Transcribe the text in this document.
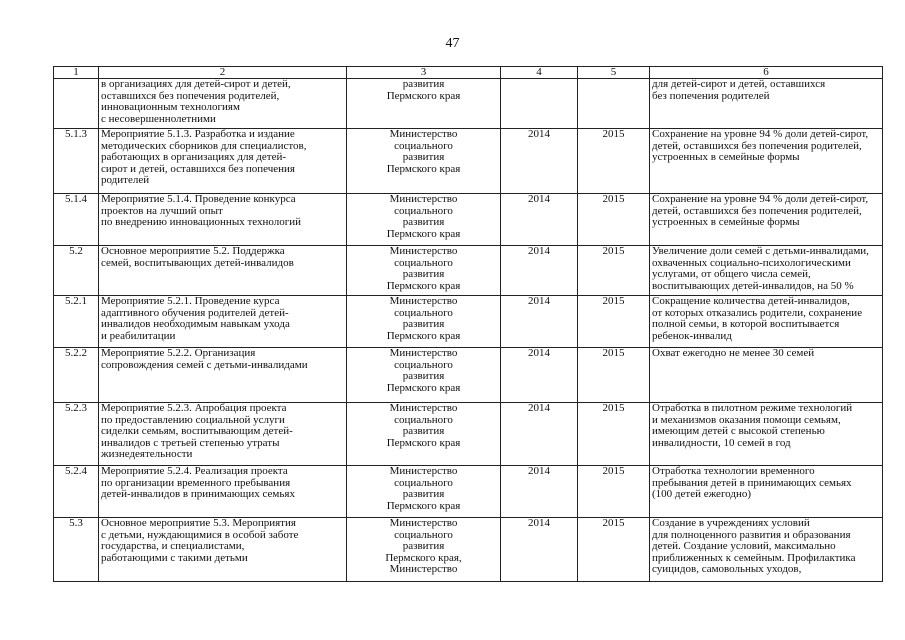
47
1	2	3	4	5	6
	в организациях для детей-сирот и детей,
оставшихся без попечения родителей,
инновационным технологиям
с несовершеннолетними	развития
Пермского края			для детей-сирот и детей, оставшихся
без попечения родителей
5.1.3	Мероприятие 5.1.3. Разработка и издание
методических сборников для специалистов,
работающих в организациях для детей-
сирот и детей, оставшихся без попечения
родителей	Министерство
социального
развития
Пермского края	2014	2015	Сохранение на уровне 94 % доли детей-сирот,
детей, оставшихся без попечения родителей,
устроенных в семейные формы
5.1.4	Мероприятие 5.1.4. Проведение конкурса
проектов на лучший опыт
по внедрению инновационных технологий	Министерство
социального
развития
Пермского края	2014	2015	Сохранение на уровне 94 % доли детей-сирот,
детей, оставшихся без попечения родителей,
устроенных в семейные формы
5.2	Основное мероприятие 5.2. Поддержка
семей, воспитывающих детей-инвалидов	Министерство
социального
развития
Пермского края	2014	2015	Увеличение доли семей с детьми-инвалидами,
охваченных социально-психологическими
услугами, от общего числа семей,
воспитывающих детей-инвалидов, на 50 %
5.2.1	Мероприятие 5.2.1. Проведение курса
адаптивного обучения родителей детей-
инвалидов необходимым навыкам ухода
и реабилитации	Министерство
социального
развития
Пермского края	2014	2015	Сокращение количества детей-инвалидов,
от которых отказались родители, сохранение
полной семьи, в которой воспитывается
ребенок-инвалид
5.2.2	Мероприятие 5.2.2. Организация
сопровождения семей с детьми-инвалидами	Министерство
социального
развития
Пермского края	2014	2015	Охват ежегодно не менее 30 семей
5.2.3	Мероприятие 5.2.3. Апробация проекта
по предоставлению социальной услуги
сиделки семьям, воспитывающим детей-
инвалидов с третьей степенью утраты
жизнедеятельности	Министерство
социального
развития
Пермского края	2014	2015	Отработка в пилотном режиме технологий
и механизмов оказания помощи семьям,
имеющим детей с высокой степенью
инвалидности, 10 семей в год
5.2.4	Мероприятие 5.2.4. Реализация проекта
по организации временного пребывания
детей-инвалидов в принимающих семьях	Министерство
социального
развития
Пермского края	2014	2015	Отработка технологии временного
пребывания детей в принимающих семьях
(100 детей ежегодно)
5.3	Основное мероприятие 5.3. Мероприятия
с детьми, нуждающимися в особой заботе
государства, и специалистами,
работающими с такими детьми	Министерство
социального
развития
Пермского края,
Министерство	2014	2015	Создание в учреждениях условий
для полноценного развития и образования
детей. Создание условий, максимально
приближенных к семейным. Профилактика
суицидов, самовольных уходов,
